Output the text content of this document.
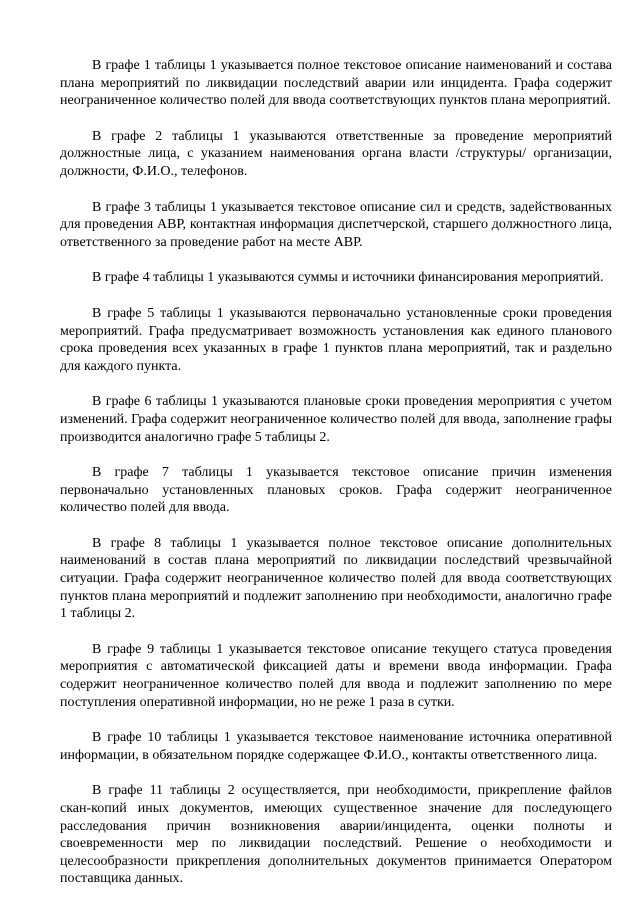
В графе 1 таблицы 1 указывается полное текстовое описание наименований и состава плана мероприятий по ликвидации последствий аварии или инцидента. Графа содержит неограниченное количество полей для ввода соответствующих пунктов плана мероприятий.

В графе 2 таблицы 1 указываются ответственные за проведение мероприятий должностные лица, с указанием наименования органа власти /структуры/ организации, должности, Ф.И.О., телефонов.

В графе 3 таблицы 1 указывается текстовое описание сил и средств, задействованных для проведения АВР, контактная информация диспетчерской, старшего должностного лица, ответственного за проведение работ на месте АВР.

В графе 4 таблицы 1 указываются суммы и источники финансирования мероприятий.

В графе 5 таблицы 1 указываются первоначально установленные сроки проведения мероприятий. Графа предусматривает возможность установления как единого планового срока проведения всех указанных в графе 1 пунктов плана мероприятий, так и раздельно для каждого пункта.

В графе 6 таблицы 1 указываются плановые сроки проведения мероприятия с учетом изменений. Графа содержит неограниченное количество полей для ввода, заполнение графы производится аналогично графе 5 таблицы 2.

В графе 7 таблицы 1 указывается текстовое описание причин изменения первоначально установленных плановых сроков. Графа содержит неограниченное количество полей для ввода.

В графе 8 таблицы 1 указывается полное текстовое описание дополнительных наименований в состав плана мероприятий по ликвидации последствий чрезвычайной ситуации. Графа содержит неограниченное количество полей для ввода соответствующих пунктов плана мероприятий и подлежит заполнению при необходимости, аналогично графе 1 таблицы 2.

В графе 9 таблицы 1 указывается текстовое описание текущего статуса проведения мероприятия с автоматической фиксацией даты и времени ввода информации. Графа содержит неограниченное количество полей для ввода и подлежит заполнению по мере поступления оперативной информации, но не реже 1 раза в сутки.

В графе 10 таблицы 1 указывается текстовое наименование источника оперативной информации, в обязательном порядке содержащее Ф.И.О., контакты ответственного лица.

В графе 11 таблицы 2 осуществляется, при необходимости, прикрепление файлов скан-копий иных документов, имеющих существенное значение для последующего расследования причин возникновения аварии/инцидента, оценки полноты и своевременности мер по ликвидации последствий. Решение о необходимости и целесообразности прикрепления дополнительных документов принимается Оператором поставщика данных.
